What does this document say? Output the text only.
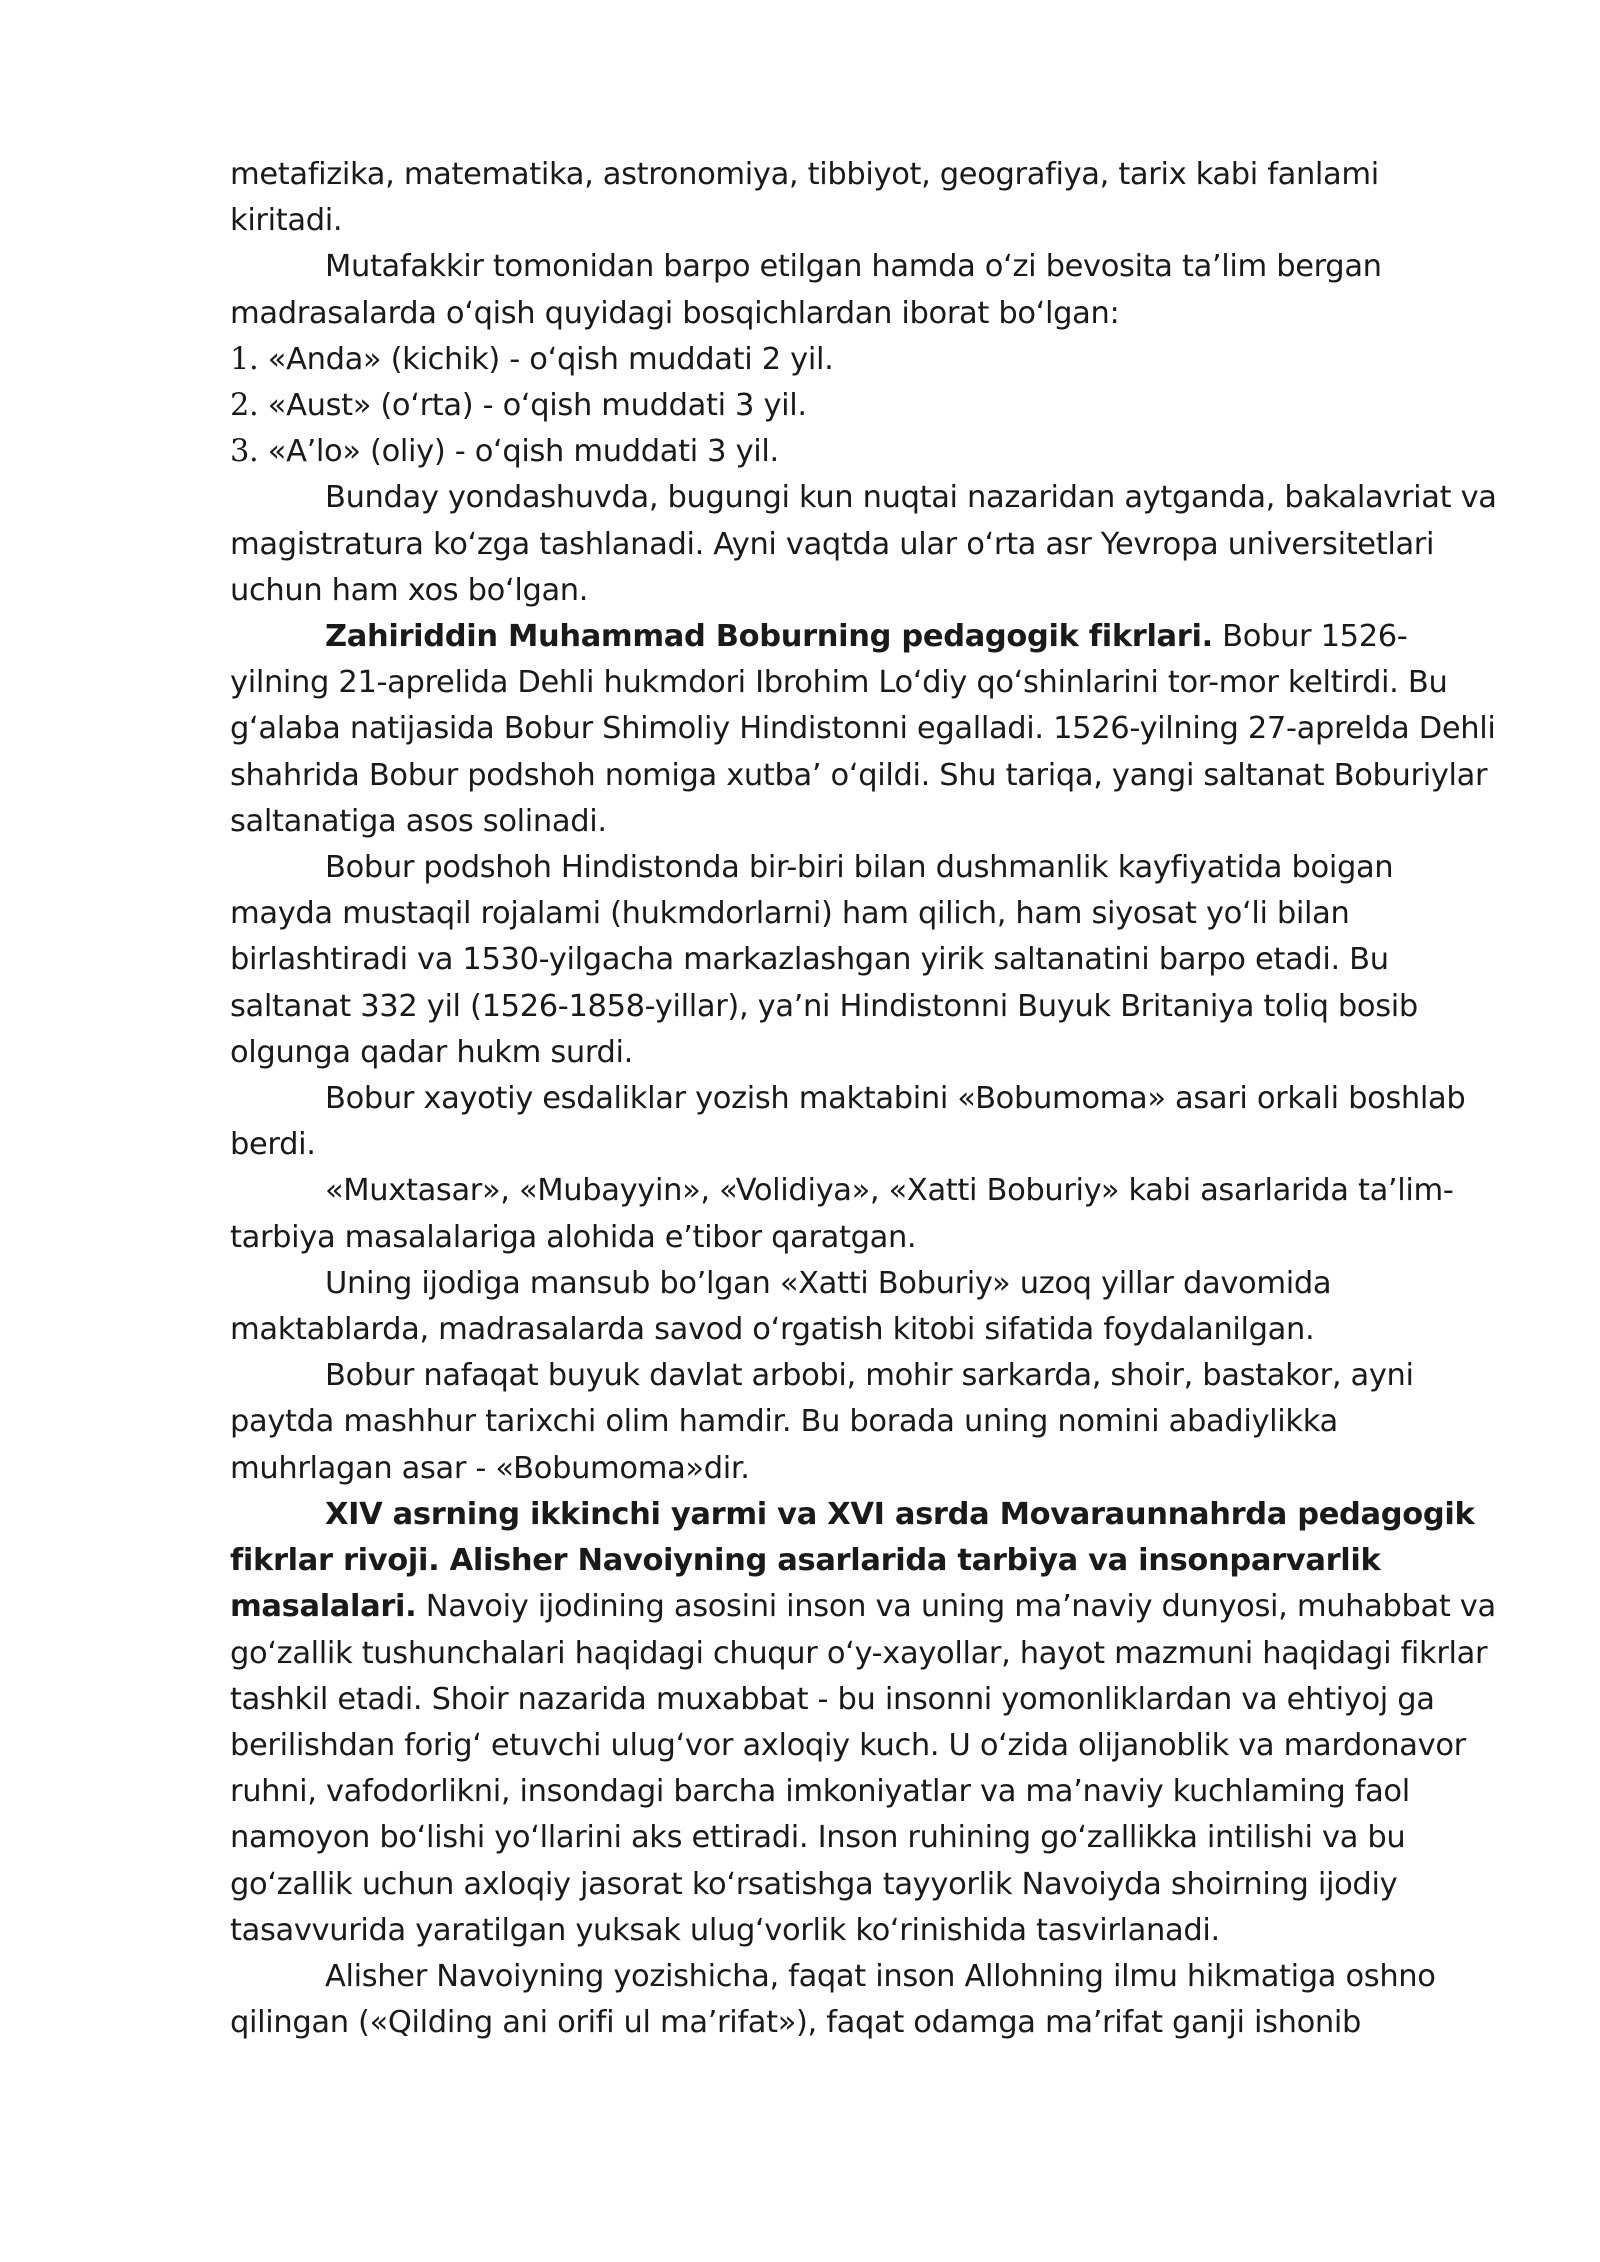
metafizika, matematika, astronomiya, tibbiyot, geografiya, tarix kabi fanlami kiritadi.

Mutafakkir tomonidan barpo etilgan hamda oʻzi bevosita taʼlim bergan madrasalarda oʻqish quyidagi bosqichlardan iborat boʻlgan:

1. «Anda» (kichik) - oʻqish muddati 2 yil.

2. «Aust» (oʻrta) - oʻqish muddati 3 yil.

3. «Aʼlo» (oliy) - oʻqish muddati 3 yil.

Bunday yondashuvda, bugungi kun nuqtai nazaridan aytganda, bakalavriat va magistratura koʻzga tashlanadi. Ayni vaqtda ular oʻrta asr Yevropa universitetlari uchun ham xos boʻlgan.

Zahiriddin Muhammad Boburning pedagogik fikrlari. Bobur 1526-yilning 21-aprelida Dehli hukmdori Ibrohim Loʻdiy qoʻshinlarini tor-mor keltirdi. Bu gʻalaba natijasida Bobur Shimoliy Hindistonni egalladi. 1526-yilning 27-aprelda Dehli shahrida Bobur podshoh nomiga xutbaʼ oʻqildi. Shu tariqa, yangi saltanat Boburiylar saltanatiga asos solinadi.

Bobur podshoh Hindistonda bir-biri bilan dushmanlik kayfiyatida boigan mayda mustaqil rojalami (hukmdorlarni) ham qilich, ham siyosat yoʻli bilan birlashtiradi va 1530-yilgacha markazlashgan yirik saltanatini barpo etadi. Bu saltanat 332 yil (1526-1858-yillar), yaʼni Hindistonni Buyuk Britaniya toliq bosib olgunga qadar hukm surdi.

Bobur xayotiy esdaliklar yozish maktabini «Bobumoma» asari orkali boshlab berdi.

«Muxtasar», «Mubayyin», «Volidiya», «Xatti Boburiy» kabi asarlarida taʼlim-tarbiya masalalariga alohida eʼtibor qaratgan.

Uning ijodiga mansub boʼlgan «Xatti Boburiy» uzoq yillar davomida maktablarda, madrasalarda savod oʻrgatish kitobi sifatida foydalanilgan.

Bobur nafaqat buyuk davlat arbobi, mohir sarkarda, shoir, bastakor, ayni paytda mashhur tarixchi olim hamdir. Bu borada uning nomini abadiylikka muhrlagan asar - «Bobumoma»dir.

XIV asrning ikkinchi yarmi va XVI asrda Movaraunnahrda pedagogik fikrlar rivoji. Alisher Navoiyning asarlarida tarbiya va insonparvarlik masalalari. Navoiy ijodining asosini inson va uning maʼnaviy dunyosi, muhabbat va goʻzallik tushunchalari haqidagi chuqur oʻy-xayollar, hayot mazmuni haqidagi fikrlar tashkil etadi. Shoir nazarida muxabbat - bu insonni yomonliklardan va ehtiyoj ga berilishdan forigʻ etuvchi ulugʻvor axloqiy kuch. U oʻzida olijanoblik va mardonavor ruhni, vafodorlikni, insondagi barcha imkoniyatlar va maʼnaviy kuchlaming faol namoyon boʻlishi yoʻllarini aks ettiradi. Inson ruhining goʻzallikka intilishi va bu goʻzallik uchun axloqiy jasorat koʻrsatishga tayyorlik Navoiyda shoirning ijodiy tasavvurida yaratilgan yuksak ulugʻvorlik koʻrinishida tasvirlanadi.

Alisher Navoiyning yozishicha, faqat inson Allohning ilmu hikmatiga oshno qilingan («Qilding ani orifi ul maʼrifat»), faqat odamga maʼrifat ganji ishonib
